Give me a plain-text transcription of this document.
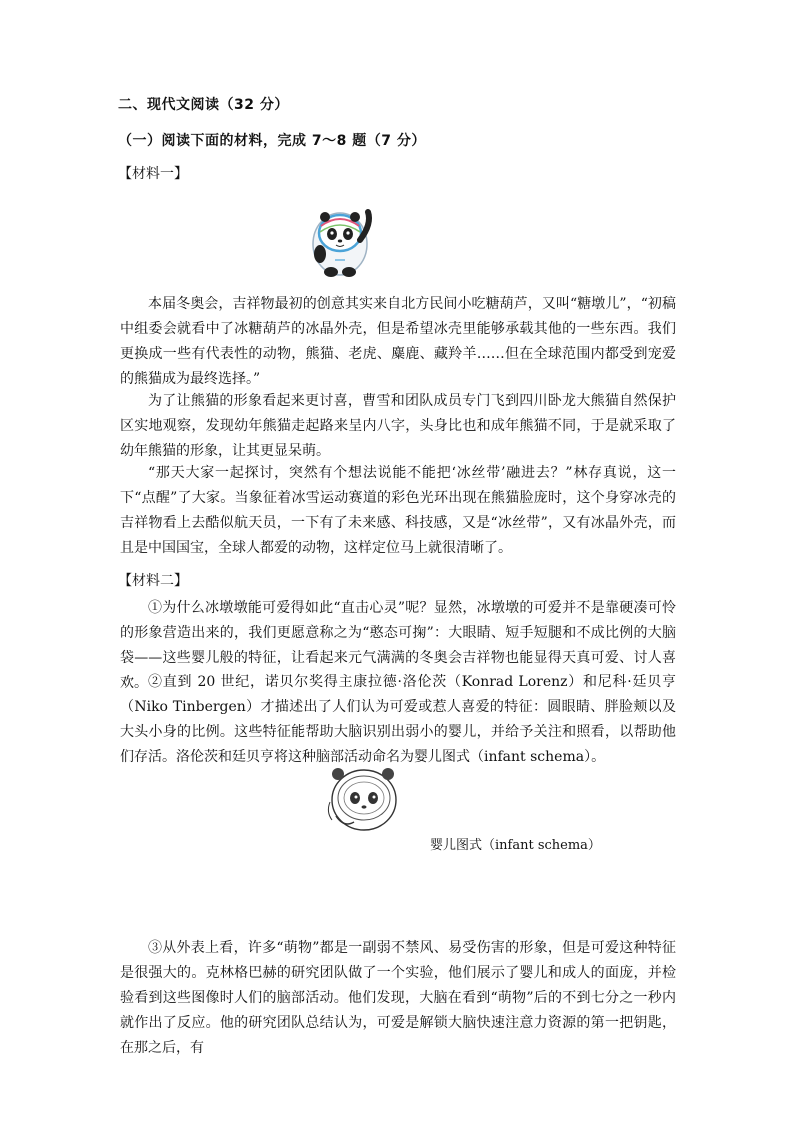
二、现代文阅读（32 分）
（一）阅读下面的材料，完成 7～8 题（7 分）
【材料一】

本届冬奥会，吉祥物最初的创意其实来自北方民间小吃糖葫芦，又叫“糖墩儿”，“初稿中组委会就看中了冰糖葫芦的冰晶外壳，但是希望冰壳里能够承载其他的一些东西。我们更换成一些有代表性的动物，熊猫、老虎、麋鹿、藏羚羊……但在全球范围内都受到宠爱的熊猫成为最终选择。”

为了让熊猫的形象看起来更讨喜，曹雪和团队成员专门飞到四川卧龙大熊猫自然保护区实地观察，发现幼年熊猫走起路来呈内八字，头身比也和成年熊猫不同，于是就采取了幼年熊猫的形象，让其更显呆萌。

“那天大家一起探讨，突然有个想法说能不能把‘冰丝带’融进去？”林存真说，这一下“点醒”了大家。当象征着冰雪运动赛道的彩色光环出现在熊猫脸庞时，这个身穿冰壳的吉祥物看上去酷似航天员，一下有了未来感、科技感，又是“冰丝带”，又有冰晶外壳，而且是中国国宝，全球人都爱的动物，这样定位马上就很清晰了。

【材料二】

①为什么冰墩墩能可爱得如此“直击心灵”呢？显然，冰墩墩的可爱并不是靠硬凑可怜的形象营造出来的，我们更愿意称之为“憨态可掬”：大眼睛、短手短腿和不成比例的大脑袋——这些婴儿般的特征，让看起来元气满满的冬奥会吉祥物也能显得天真可爱、讨人喜欢。 ②直到 20 世纪，诺贝尔奖得主康拉德·洛伦茨（Konrad Lorenz）和尼科·廷贝亨（Niko Tinbergen）才描述出了人们认为可爱或惹人喜爱的特征：圆眼睛、胖脸颊以及大头小身的比例。这些特征能帮助大脑识别出弱小的婴儿，并给予关注和照看，以帮助他们存活。洛伦茨和廷贝亨将这种脑部活动命名为婴儿图式（infant schema）。

婴儿图式（infant schema）

③从外表上看，许多“萌物”都是一副弱不禁风、易受伤害的形象，但是可爱这种特征是很强大的。克林格巴赫的研究团队做了一个实验，他们展示了婴儿和成人的面庞，并检验看到这些图像时人们的脑部活动。他们发现，大脑在看到“萌物”后的不到七分之一秒内就作出了反应。他的研究团队总结认为，可爱是解锁大脑快速注意力资源的第一把钥匙，在那之后，有
